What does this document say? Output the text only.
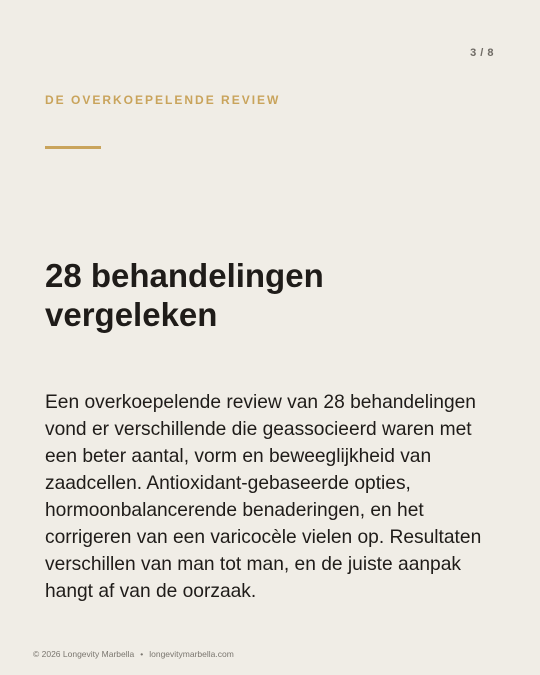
3 / 8
DE OVERKOEPELENDE REVIEW
28 behandelingen vergeleken

Een overkoepelende review van 28 behandelingen vond er verschillende die geassocieerd waren met een beter aantal, vorm en beweeglijkheid van zaadcellen. Antioxidant-gebaseerde opties, hormoonbalancerende benaderingen, en het corrigeren van een varicocèle vielen op. Resultaten verschillen van man tot man, en de juiste aanpak hangt af van de oorzaak.

© 2026 Longevity Marbella • longevitymarbella.com
